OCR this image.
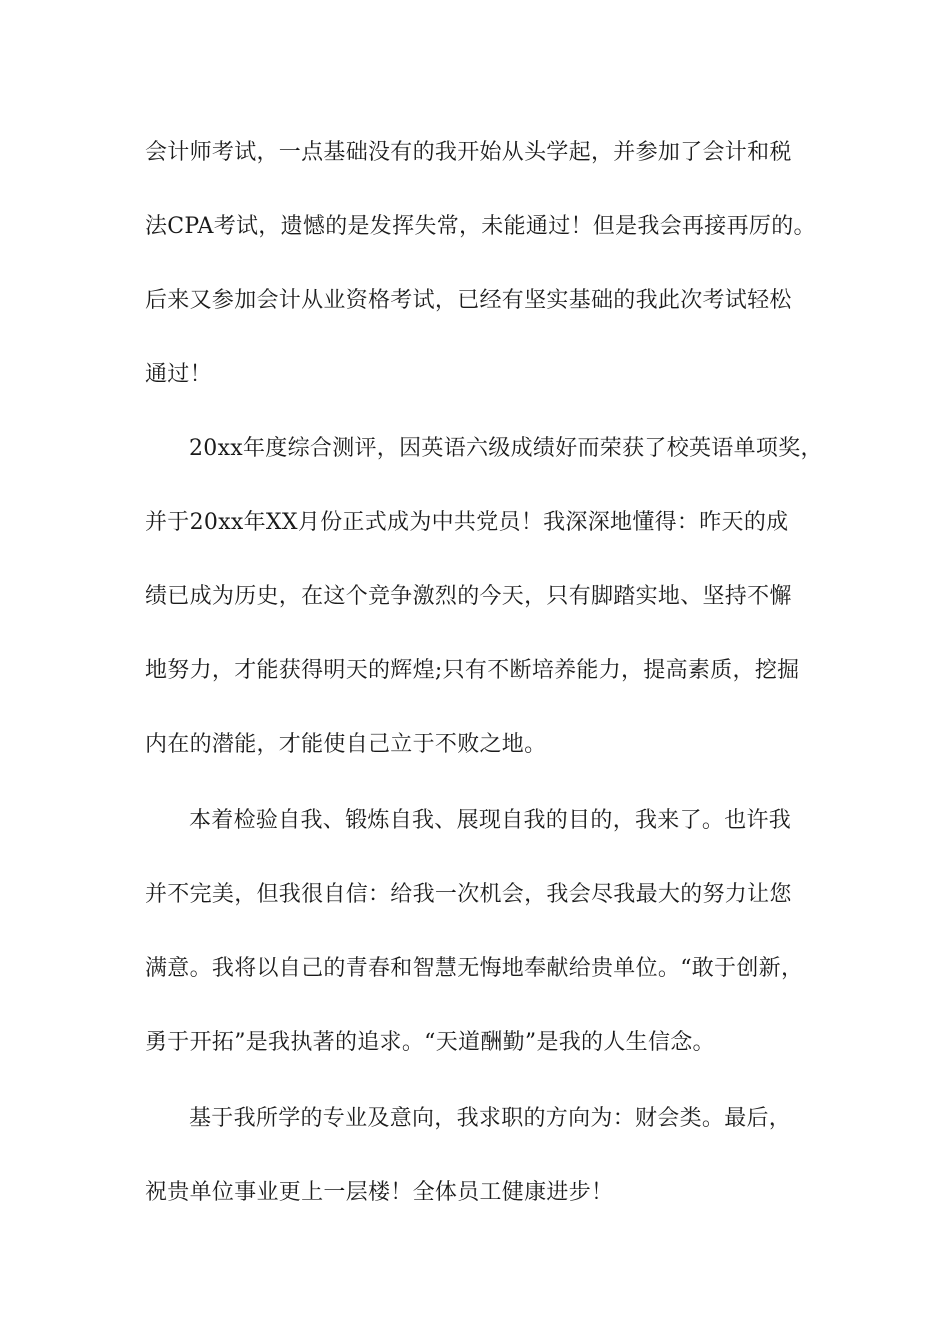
会计师考试，一点基础没有的我开始从头学起，并参加了会计和税

法CPA考试，遗憾的是发挥失常，未能通过！但是我会再接再厉的。

后来又参加会计从业资格考试，已经有坚实基础的我此次考试轻松

通过！

20xx年度综合测评，因英语六级成绩好而荣获了校英语单项奖，

并于20xx年XX月份正式成为中共党员！我深深地懂得：昨天的成

绩已成为历史，在这个竞争激烈的今天，只有脚踏实地、坚持不懈

地努力，才能获得明天的辉煌;只有不断培养能力，提高素质，挖掘

内在的潜能，才能使自己立于不败之地。

本着检验自我、锻炼自我、展现自我的目的，我来了。也许我

并不完美，但我很自信：给我一次机会，我会尽我最大的努力让您

满意。我将以自己的青春和智慧无悔地奉献给贵单位。“敢于创新，

勇于开拓”是我执著的追求。“天道酬勤”是我的人生信念。

基于我所学的专业及意向，我求职的方向为：财会类。最后，

祝贵单位事业更上一层楼！全体员工健康进步！
